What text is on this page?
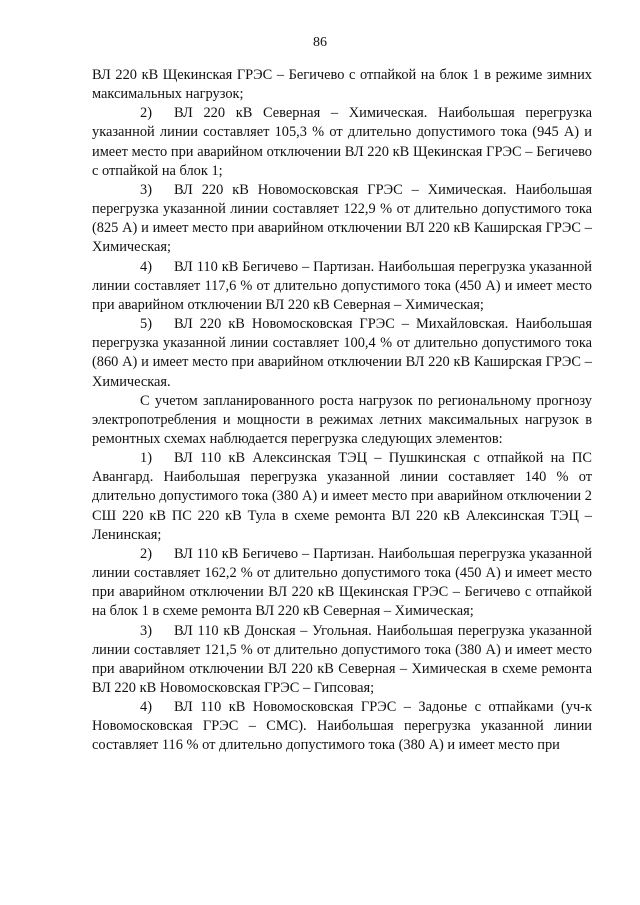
86

ВЛ 220 кВ Щекинская ГРЭС – Бегичево с отпайкой на блок 1 в режиме зимних максимальных нагрузок;

2) ВЛ 220 кВ Северная – Химическая. Наибольшая перегрузка указанной линии составляет 105,3 % от длительно допустимого тока (945 А) и имеет место при аварийном отключении ВЛ 220 кВ Щекинская ГРЭС – Бегичево с отпайкой на блок 1;

3) ВЛ 220 кВ Новомосковская ГРЭС – Химическая. Наибольшая перегрузка указанной линии составляет 122,9 % от длительно допустимого тока (825 А) и имеет место при аварийном отключении ВЛ 220 кВ Каширская ГРЭС – Химическая;

4) ВЛ 110 кВ Бегичево – Партизан. Наибольшая перегрузка указанной линии составляет 117,6 % от длительно допустимого тока (450 А) и имеет место при аварийном отключении ВЛ 220 кВ Северная – Химическая;

5) ВЛ 220 кВ Новомосковская ГРЭС – Михайловская. Наибольшая перегрузка указанной линии составляет 100,4 % от длительно допустимого тока (860 А) и имеет место при аварийном отключении ВЛ 220 кВ Каширская ГРЭС – Химическая.

С учетом запланированного роста нагрузок по региональному прогнозу электропотребления и мощности в режимах летних максимальных нагрузок в ремонтных схемах наблюдается перегрузка следующих элементов:

1) ВЛ 110 кВ Алексинская ТЭЦ – Пушкинская с отпайкой на ПС Авангард. Наибольшая перегрузка указанной линии составляет 140 % от длительно допустимого тока (380 А) и имеет место при аварийном отключении 2 СШ 220 кВ ПС 220 кВ Тула в схеме ремонта ВЛ 220 кВ Алексинская ТЭЦ – Ленинская;

2) ВЛ 110 кВ Бегичево – Партизан. Наибольшая перегрузка указанной линии составляет 162,2 % от длительно допустимого тока (450 А) и имеет место при аварийном отключении ВЛ 220 кВ Щекинская ГРЭС – Бегичево с отпайкой на блок 1 в схеме ремонта ВЛ 220 кВ Северная – Химическая;

3) ВЛ 110 кВ Донская – Угольная. Наибольшая перегрузка указанной линии составляет 121,5 % от длительно допустимого тока (380 А) и имеет место при аварийном отключении ВЛ 220 кВ Северная – Химическая в схеме ремонта ВЛ 220 кВ Новомосковская ГРЭС – Гипсовая;

4) ВЛ 110 кВ Новомосковская ГРЭС – Задонье с отпайками (уч-к Новомосковская ГРЭС – СМС). Наибольшая перегрузка указанной линии составляет 116 % от длительно допустимого тока (380 А) и имеет место при
